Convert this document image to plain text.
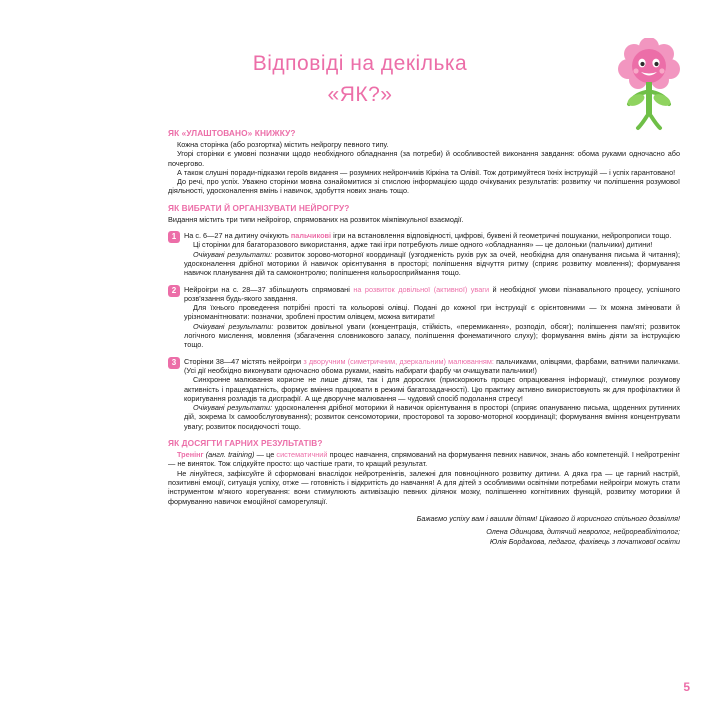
Відповіді на декілька
«ЯК?»
ЯК «УЛАШТОВАНО» КНИЖКУ?

Кожна сторінка (або розгортка) містить нейрогру певного типу.

Угорі сторінки є умовні позначки щодо необхідного обладнання (за потреби) й особливостей виконання завдання: обома руками одночасно або почергово.

А також слушні поради-підказки героїв видання — розумних нейрончиків Кіркіна та Олівії. Тож дотримуйтеся їхніх інструкцій — і успіх гарантовано!

До речі, про успіх. Уважно сторінки мовна ознайомитися зі стислою інформацією щодо очікуваних результатів: розвитку чи поліпшення розумової діяльності, удосконалення вмінь і навичок, здобуття нових знань тощо.

ЯК ВИБРАТИ Й ОРГАНІЗУВАТИ НЕЙРОГРУ?

Видання містить три типи нейроігор, спрямованих на розвиток міжпівкульної взаємодії.

1	На с. 6—27 на дитину очікують пальчикові ігри на встановлення відповідності, цифрові, буквені й геометричні пошуканки, нейропрописи тощо.

Ці сторінки для багаторазового використання, адже такі ігри потребують лише одного «обладнання» — це долоньки (пальчики) дитини!

Очікувані результати: розвиток зорово-моторної координації (узгодженість рухів рук за очей, необхідна для опанування письма й читання); удосконалення дрібної моторики й навичок орієнтування в просторі; поліпшення відчуття ритму (сприяє розвитку мовлення); формування навичок планування дій та самоконтролю; поліпшення кольоросприймання тощо.

2	Нейроігри на с. 28—37 збільшують спрямовані на розвиток довільної (активної) уваги й необхідної умови пізнавального процесу, успішного розв'язання будь-якого завдання.

Для їхнього проведення потрібні прості та кольорові олівці. Подані до кожної гри інструкції є орієнтовними — їх можна змінювати й урізноманітнювати: позначки, зроблені простим олівцем, можна витирати!

Очікувані результати: розвиток довільної уваги (концентрація, стійкість, «перемикання», розподіл, обсяг); поліпшення пам'яті; розвиток логічного мислення, мовлення (збагачення словникового запасу, поліпшення фонематичного слуху); формування вмінь діяти за інструкцією тощо.

3	Сторінки 38—47 містять нейроігри з дворучним (симетричним, дзеркальним) малюванням: пальчиками, олівцями, фарбами, ватними паличками. (Усі дії необхідно виконувати одночасно обома руками, навіть набирати фарбу чи очищувати пальчики!)

Синхронне малювання корисне не лише дітям, так і для дорослих (прискорюють процес опрацювання інформації, стимулює розумову активність і працездатність, формує вміння працювати в режимі багатозадачності). Цю практику активно використовують як для профілактики й коригування розладів та дисграфії. А ще дворучне малювання — чудовий спосіб подолання стресу!

Очікувані результати: удосконалення дрібної моторики й навичок орієнтування в просторі (сприяє опануванню письма, щоденних рутинних дій, зокрема їх самообслуговування); розвиток сенсомоторики, просторової та зорово-моторної координації; формування вміння концентрувати увагу; розвиток посидючості тощо.

ЯК ДОСЯГТИ ГАРНИХ РЕЗУЛЬТАТІВ?

Тренінг (англ. training) — це систематичний процес навчання, спрямований на формування певних навичок, знань або компетенцій. І нейротренінг — не виняток. Тож слідкуйте просто: що частіше грати, то кращий результат.

Не лінуйтеся, зафіксуйте й сформовані внаслідок нейротренінгів, залежні для повноцінного розвитку дитини. А дяка гра — це гарний настрій, позитивні емоції, ситуація успіху, отже — готовність і відкритість до навчання! А для дітей з особливими освітніми потребами нейроігри можуть стати інструментом м'якого корегування: вони стимулюють активізацію певних ділянок мозку, поліпшенню когнітивних функцій, розвитку моторики й формуванню навичок емоційної саморегуляції.

Бажаємо успіху вам і вашим дітям! Цікавого й корисного спільного дозвілля!
Олена Одинцова, дитячий невролог, нейрореабілітолог;
Юлія Бордакова, педагог, фахівець з початкової освіти
5
